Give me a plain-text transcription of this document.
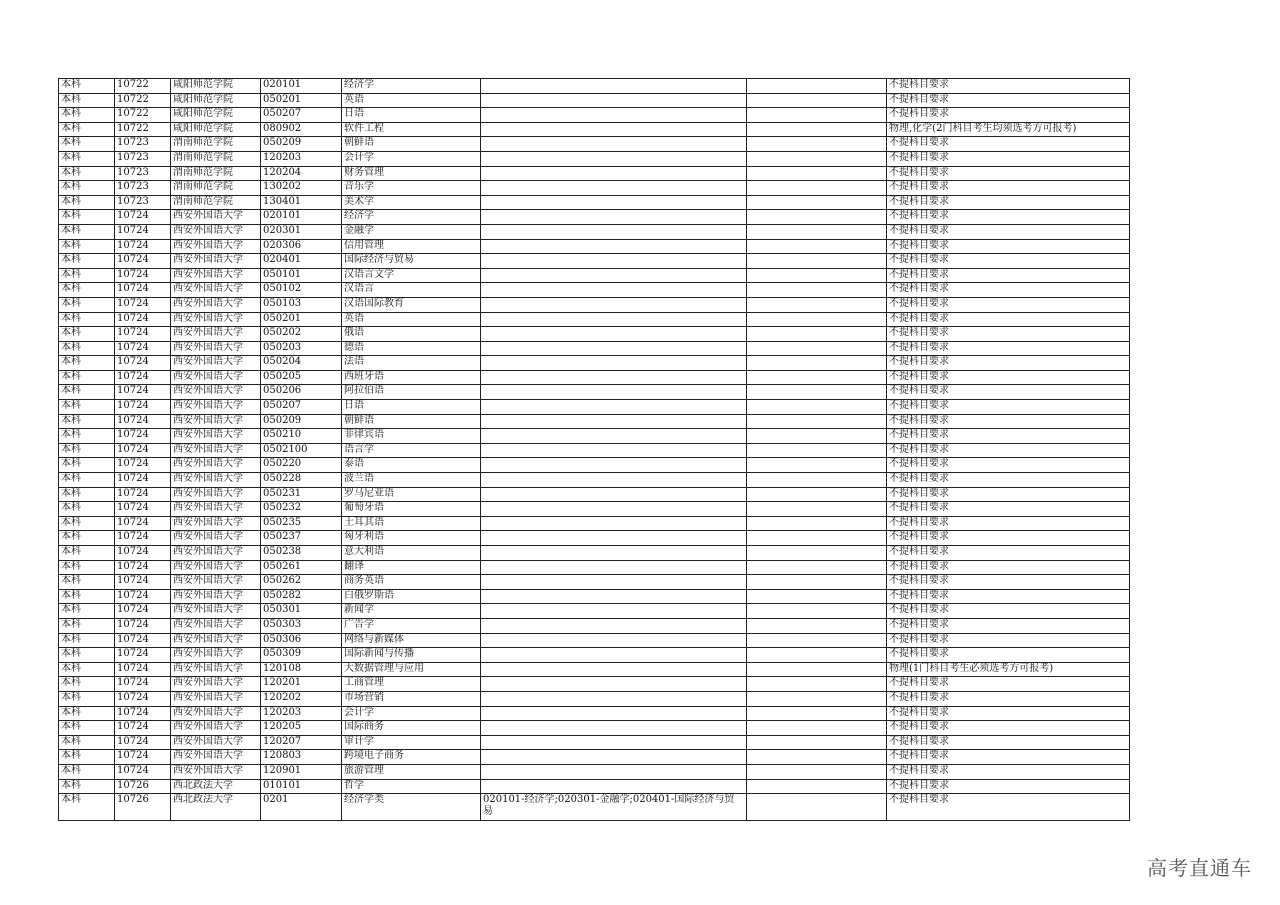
本科	10722	咸阳师范学院	020101	经济学			不提科目要求
本科	10722	咸阳师范学院	050201	英语			不提科目要求
本科	10722	咸阳师范学院	050207	日语			不提科目要求
本科	10722	咸阳师范学院	080902	软件工程			物理,化学(2门科目考生均须选考方可报考)
本科	10723	渭南师范学院	050209	朝鲜语			不提科目要求
本科	10723	渭南师范学院	120203	会计学			不提科目要求
本科	10723	渭南师范学院	120204	财务管理			不提科目要求
本科	10723	渭南师范学院	130202	音乐学			不提科目要求
本科	10723	渭南师范学院	130401	美术学			不提科目要求
本科	10724	西安外国语大学	020101	经济学			不提科目要求
本科	10724	西安外国语大学	020301	金融学			不提科目要求
本科	10724	西安外国语大学	020306	信用管理			不提科目要求
本科	10724	西安外国语大学	020401	国际经济与贸易			不提科目要求
本科	10724	西安外国语大学	050101	汉语言文学			不提科目要求
本科	10724	西安外国语大学	050102	汉语言			不提科目要求
本科	10724	西安外国语大学	050103	汉语国际教育			不提科目要求
本科	10724	西安外国语大学	050201	英语			不提科目要求
本科	10724	西安外国语大学	050202	俄语			不提科目要求
本科	10724	西安外国语大学	050203	德语			不提科目要求
本科	10724	西安外国语大学	050204	法语			不提科目要求
本科	10724	西安外国语大学	050205	西班牙语			不提科目要求
本科	10724	西安外国语大学	050206	阿拉伯语			不提科目要求
本科	10724	西安外国语大学	050207	日语			不提科目要求
本科	10724	西安外国语大学	050209	朝鲜语			不提科目要求
本科	10724	西安外国语大学	050210	菲律宾语			不提科目要求
本科	10724	西安外国语大学	0502100	语言学			不提科目要求
本科	10724	西安外国语大学	050220	泰语			不提科目要求
本科	10724	西安外国语大学	050228	波兰语			不提科目要求
本科	10724	西安外国语大学	050231	罗马尼亚语			不提科目要求
本科	10724	西安外国语大学	050232	葡萄牙语			不提科目要求
本科	10724	西安外国语大学	050235	土耳其语			不提科目要求
本科	10724	西安外国语大学	050237	匈牙利语			不提科目要求
本科	10724	西安外国语大学	050238	意大利语			不提科目要求
本科	10724	西安外国语大学	050261	翻译			不提科目要求
本科	10724	西安外国语大学	050262	商务英语			不提科目要求
本科	10724	西安外国语大学	050282	白俄罗斯语			不提科目要求
本科	10724	西安外国语大学	050301	新闻学			不提科目要求
本科	10724	西安外国语大学	050303	广告学			不提科目要求
本科	10724	西安外国语大学	050306	网络与新媒体			不提科目要求
本科	10724	西安外国语大学	050309	国际新闻与传播			不提科目要求
本科	10724	西安外国语大学	120108	大数据管理与应用			物理(1门科目考生必须选考方可报考)
本科	10724	西安外国语大学	120201	工商管理			不提科目要求
本科	10724	西安外国语大学	120202	市场营销			不提科目要求
本科	10724	西安外国语大学	120203	会计学			不提科目要求
本科	10724	西安外国语大学	120205	国际商务			不提科目要求
本科	10724	西安外国语大学	120207	审计学			不提科目要求
本科	10724	西安外国语大学	120803	跨境电子商务			不提科目要求
本科	10724	西安外国语大学	120901	旅游管理			不提科目要求
本科	10726	西北政法大学	010101	哲学			不提科目要求
本科	10726	西北政法大学	0201	经济学类	020101-经济学;020301-金融学;020401-国际经济与贸易		不提科目要求
高考直通车
